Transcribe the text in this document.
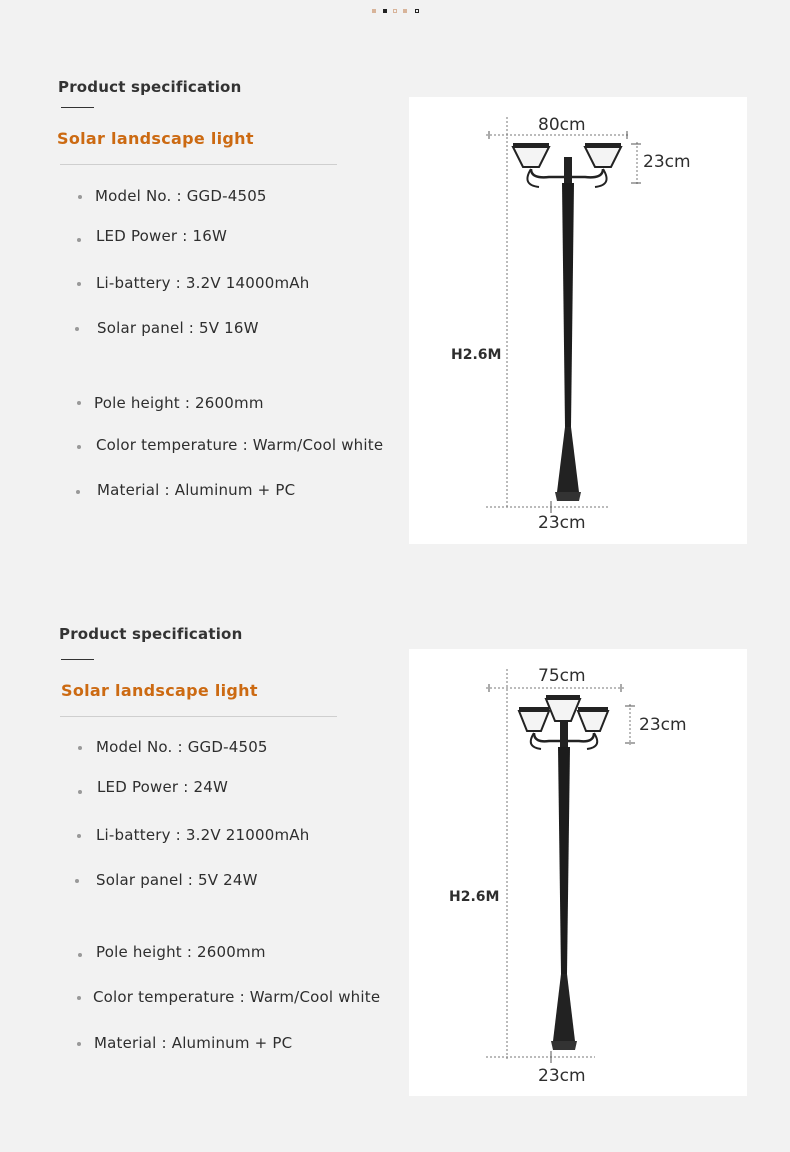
Product specification
Solar landscape light
Model No. : GGD-4505
LED Power : 16W
Li-battery : 3.2V 14000mAh
Solar panel : 5V 16W
Pole height : 2600mm
Color temperature : Warm/Cool white
Material : Aluminum + PC
80cm
23cm
H2.6M
23cm
Product specification
Solar landscape light
Model No. : GGD-4505
LED Power : 24W
Li-battery : 3.2V 21000mAh
Solar panel : 5V 24W
Pole height : 2600mm
Color temperature : Warm/Cool white
Material : Aluminum + PC
75cm
23cm
H2.6M
23cm
